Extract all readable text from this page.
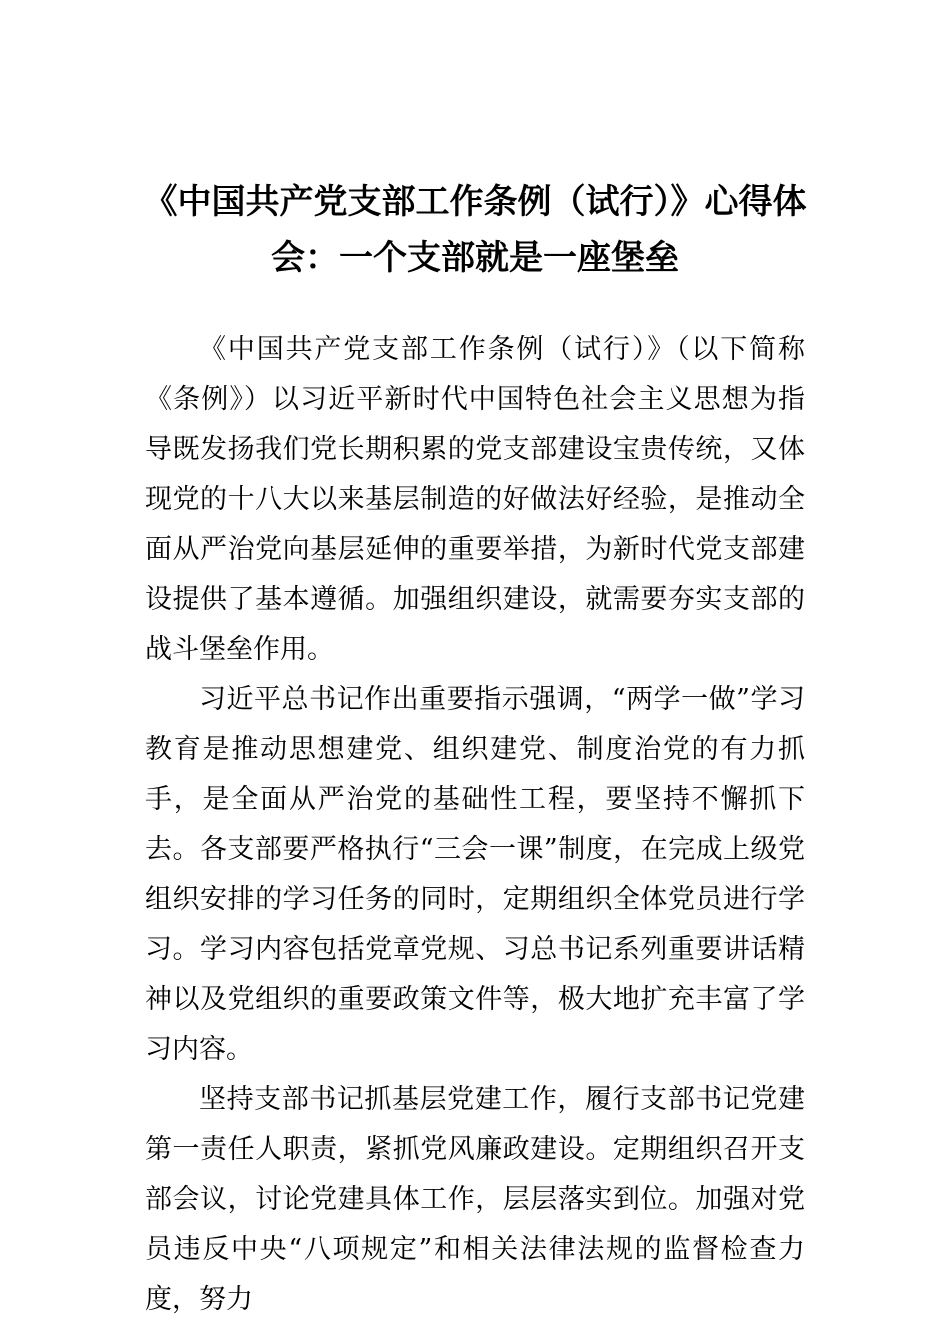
《中国共产党支部工作条例（试行）》心得体会：一个支部就是一座堡垒

《中国共产党支部工作条例（试行）》（以下简称《条例》）以习近平新时代中国特色社会主义思想为指导既发扬我们党长期积累的党支部建设宝贵传统，又体现党的十八大以来基层制造的好做法好经验，是推动全面从严治党向基层延伸的重要举措，为新时代党支部建设提供了基本遵循。加强组织建设，就需要夯实支部的战斗堡垒作用。

习近平总书记作出重要指示强调，“两学一做”学习教育是推动思想建党、组织建党、制度治党的有力抓手，是全面从严治党的基础性工程，要坚持不懈抓下去。各支部要严格执行“三会一课”制度，在完成上级党组织安排的学习任务的同时，定期组织全体党员进行学习。学习内容包括党章党规、习总书记系列重要讲话精神以及党组织的重要政策文件等，极大地扩充丰富了学习内容。

坚持支部书记抓基层党建工作，履行支部书记党建第一责任人职责，紧抓党风廉政建设。定期组织召开支部会议，讨论党建具体工作，层层落实到位。加强对党员违反中央“八项规定”和相关法律法规的监督检查力度，努力
